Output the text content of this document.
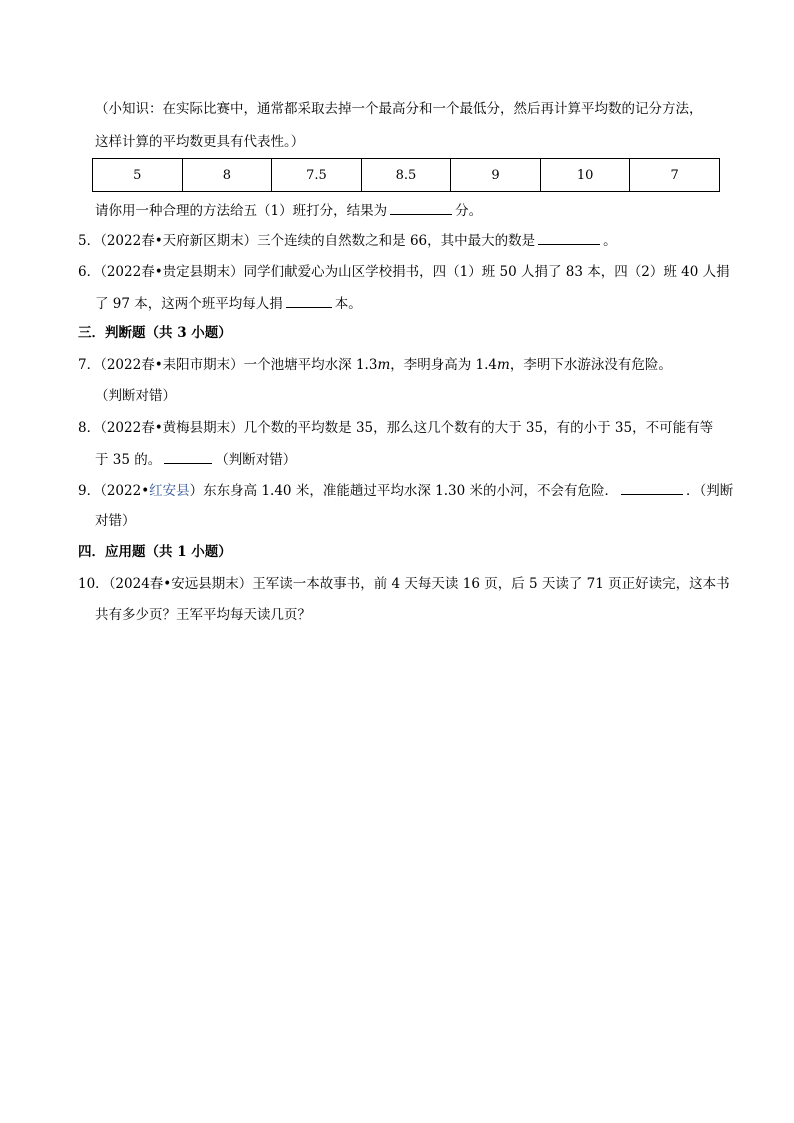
（小知识：在实际比赛中，通常都采取去掉一个最高分和一个最低分，然后再计算平均数的记分方法，
这样计算的平均数更具有代表性。）
5	8	7.5	8.5	9	10	7
请你用一种合理的方法给五（1）班打分，结果为	分。
5．（2022春•天府新区期末）三个连续的自然数之和是 66，其中最大的数是	。
6．（2022春•贵定县期末）同学们献爱心为山区学校捐书，四（1）班 50 人捐了 83 本，四（2）班 40 人捐
了 97 本，这两个班平均每人捐	本。
三．判断题（共 3 小题）
7．（2022春•耒阳市期末）一个池塘平均水深 1.3m，李明身高为 1.4m，李明下水游泳没有危险。
（判断对错）
8．（2022春•黄梅县期末）几个数的平均数是 35，那么这几个数有的大于 35，有的小于 35，不可能有等
于 35 的。	（判断对错）
9．（2022•红安县）东东身高 1.40 米，准能趟过平均水深 1.30 米的小河，不会有危险．	．（判断
对错）
四．应用题（共 1 小题）
10．（2024春•安远县期末）王军读一本故事书，前 4 天每天读 16 页，后 5 天读了 71 页正好读完，这本书
共有多少页？王军平均每天读几页？
